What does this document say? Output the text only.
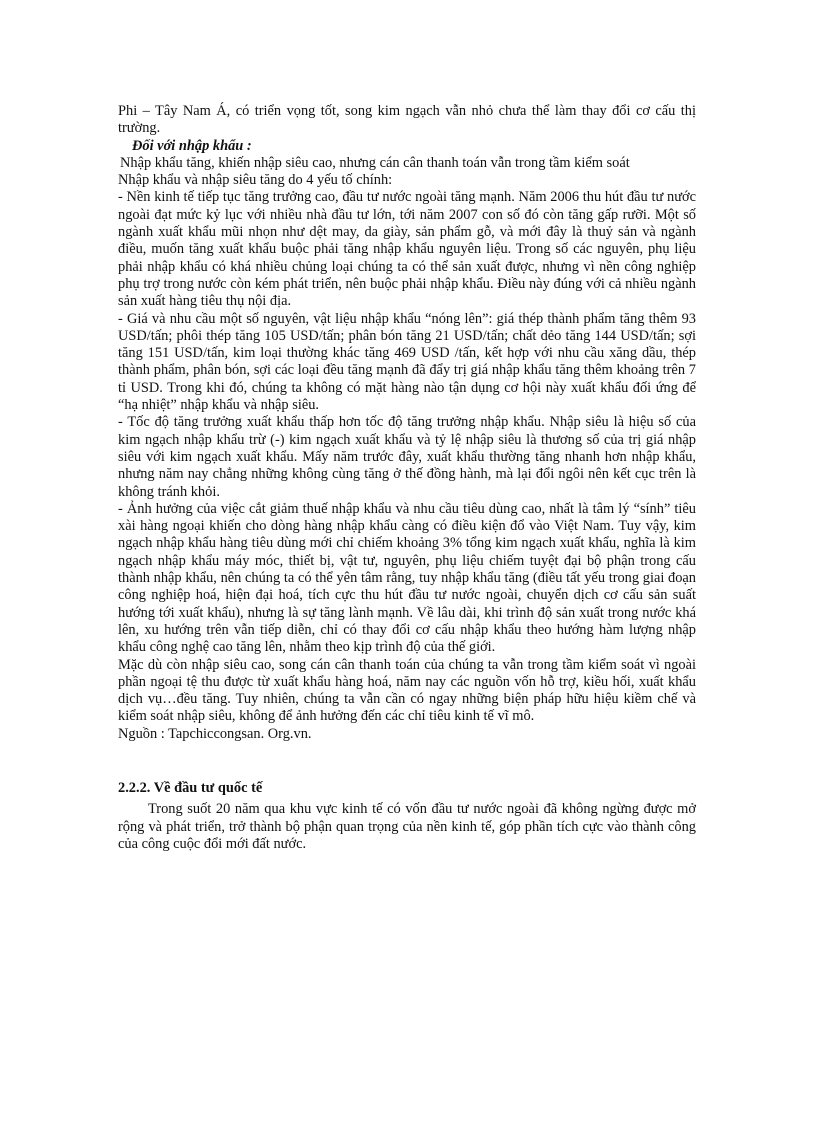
Phi – Tây Nam Á, có triển vọng tốt, song kim ngạch vẫn nhỏ chưa thể làm thay đổi cơ cấu thị trường.

Đối với nhập khẩu :

Nhập khẩu tăng, khiến nhập siêu cao, nhưng cán cân thanh toán vẫn trong tầm kiểm soát

Nhập khẩu và nhập siêu tăng do 4 yếu tố chính:

- Nền kinh tế tiếp tục tăng trưởng cao, đầu tư nước ngoài tăng mạnh. Năm 2006 thu hút đầu tư nước ngoài đạt mức kỷ lục với nhiều nhà đầu tư lớn, tới năm 2007 con số đó còn tăng gấp rưỡi. Một số ngành xuất khẩu mũi nhọn như dệt may, da giày, sản phẩm gỗ, và mới đây là thuỷ sản và ngành điều, muốn tăng xuất khẩu buộc phải tăng nhập khẩu nguyên liệu. Trong số các nguyên, phụ liệu phải nhập khẩu có khá nhiều chủng loại chúng ta có thể sản xuất được, nhưng vì nền công nghiệp phụ trợ trong nước còn kém phát triển, nên buộc phải nhập khẩu. Điều này đúng với cả nhiều ngành sản xuất hàng tiêu thụ nội địa.

- Giá và nhu cầu một số nguyên, vật liệu nhập khẩu “nóng lên”: giá thép thành phẩm tăng thêm 93 USD/tấn; phôi thép tăng 105 USD/tấn; phân bón tăng 21 USD/tấn; chất dẻo tăng 144 USD/tấn; sợi tăng 151 USD/tấn, kim loại thường khác tăng 469 USD /tấn, kết hợp với nhu cầu xăng dầu, thép thành phẩm, phân bón, sợi các loại đều tăng mạnh đã đẩy trị giá nhập khẩu tăng thêm khoảng trên 7 tỉ USD. Trong khi đó, chúng ta không có mặt hàng nào tận dụng cơ hội này xuất khẩu đối ứng để “hạ nhiệt” nhập khẩu và nhập siêu.

- Tốc độ tăng trưởng xuất khẩu thấp hơn tốc độ tăng trưởng nhập khẩu. Nhập siêu là hiệu số của kim ngạch nhập khẩu trừ (-) kim ngạch xuất khẩu và tỷ lệ nhập siêu là thương số của trị giá nhập siêu với kim ngạch xuất khẩu. Mấy năm trước đây, xuất khẩu thường tăng nhanh hơn nhập khẩu, nhưng năm nay chẳng những không cùng tăng ở thế đồng hành, mà lại đổi ngôi nên kết cục trên là không tránh khỏi.

- Ảnh hưởng của việc cắt giảm thuế nhập khẩu và nhu cầu tiêu dùng cao, nhất là tâm lý “sính” tiêu xài hàng ngoại khiến cho dòng hàng nhập khẩu càng có điều kiện đổ vào Việt Nam. Tuy vậy, kim ngạch nhập khẩu hàng tiêu dùng mới chỉ chiếm khoảng 3% tổng kim ngạch xuất khẩu, nghĩa là kim ngạch nhập khẩu máy móc, thiết bị, vật tư, nguyên, phụ liệu chiếm tuyệt đại bộ phận trong cấu thành nhập khẩu, nên chúng ta có thể yên tâm rằng, tuy nhập khẩu tăng (điều tất yếu trong giai đoạn công nghiệp hoá, hiện đại hoá, tích cực thu hút đầu tư nước ngoài, chuyển dịch cơ cấu sản suất hướng tới xuất khẩu), nhưng là sự tăng lành mạnh. Về lâu dài, khi trình độ sản xuất trong nước khá lên, xu hướng trên vẫn tiếp diễn, chỉ có thay đổi cơ cấu nhập khẩu theo hướng hàm lượng nhập khẩu công nghệ cao tăng lên, nhằm theo kịp trình độ của thế giới.

Mặc dù còn nhập siêu cao, song cán cân thanh toán của chúng ta vẫn trong tầm kiểm soát vì ngoài phần ngoại tệ thu được từ xuất khẩu hàng hoá, năm nay các nguồn vốn hỗ trợ, kiều hối, xuất khẩu dịch vụ…đều tăng. Tuy nhiên, chúng ta vẫn cần có ngay những biện pháp hữu hiệu kiềm chế và kiểm soát nhập siêu, không để ảnh hưởng đến các chỉ tiêu kinh tế vĩ mô.

Nguồn : Tapchiccongsan. Org.vn.

2.2.2. Về đầu tư quốc tế

Trong suốt 20 năm qua khu vực kinh tế có vốn đầu tư nước ngoài đã không ngừng được mở rộng và phát triển, trở thành bộ phận quan trọng của nền kinh tế, góp phần tích cực vào thành công của công cuộc đổi mới đất nước.
